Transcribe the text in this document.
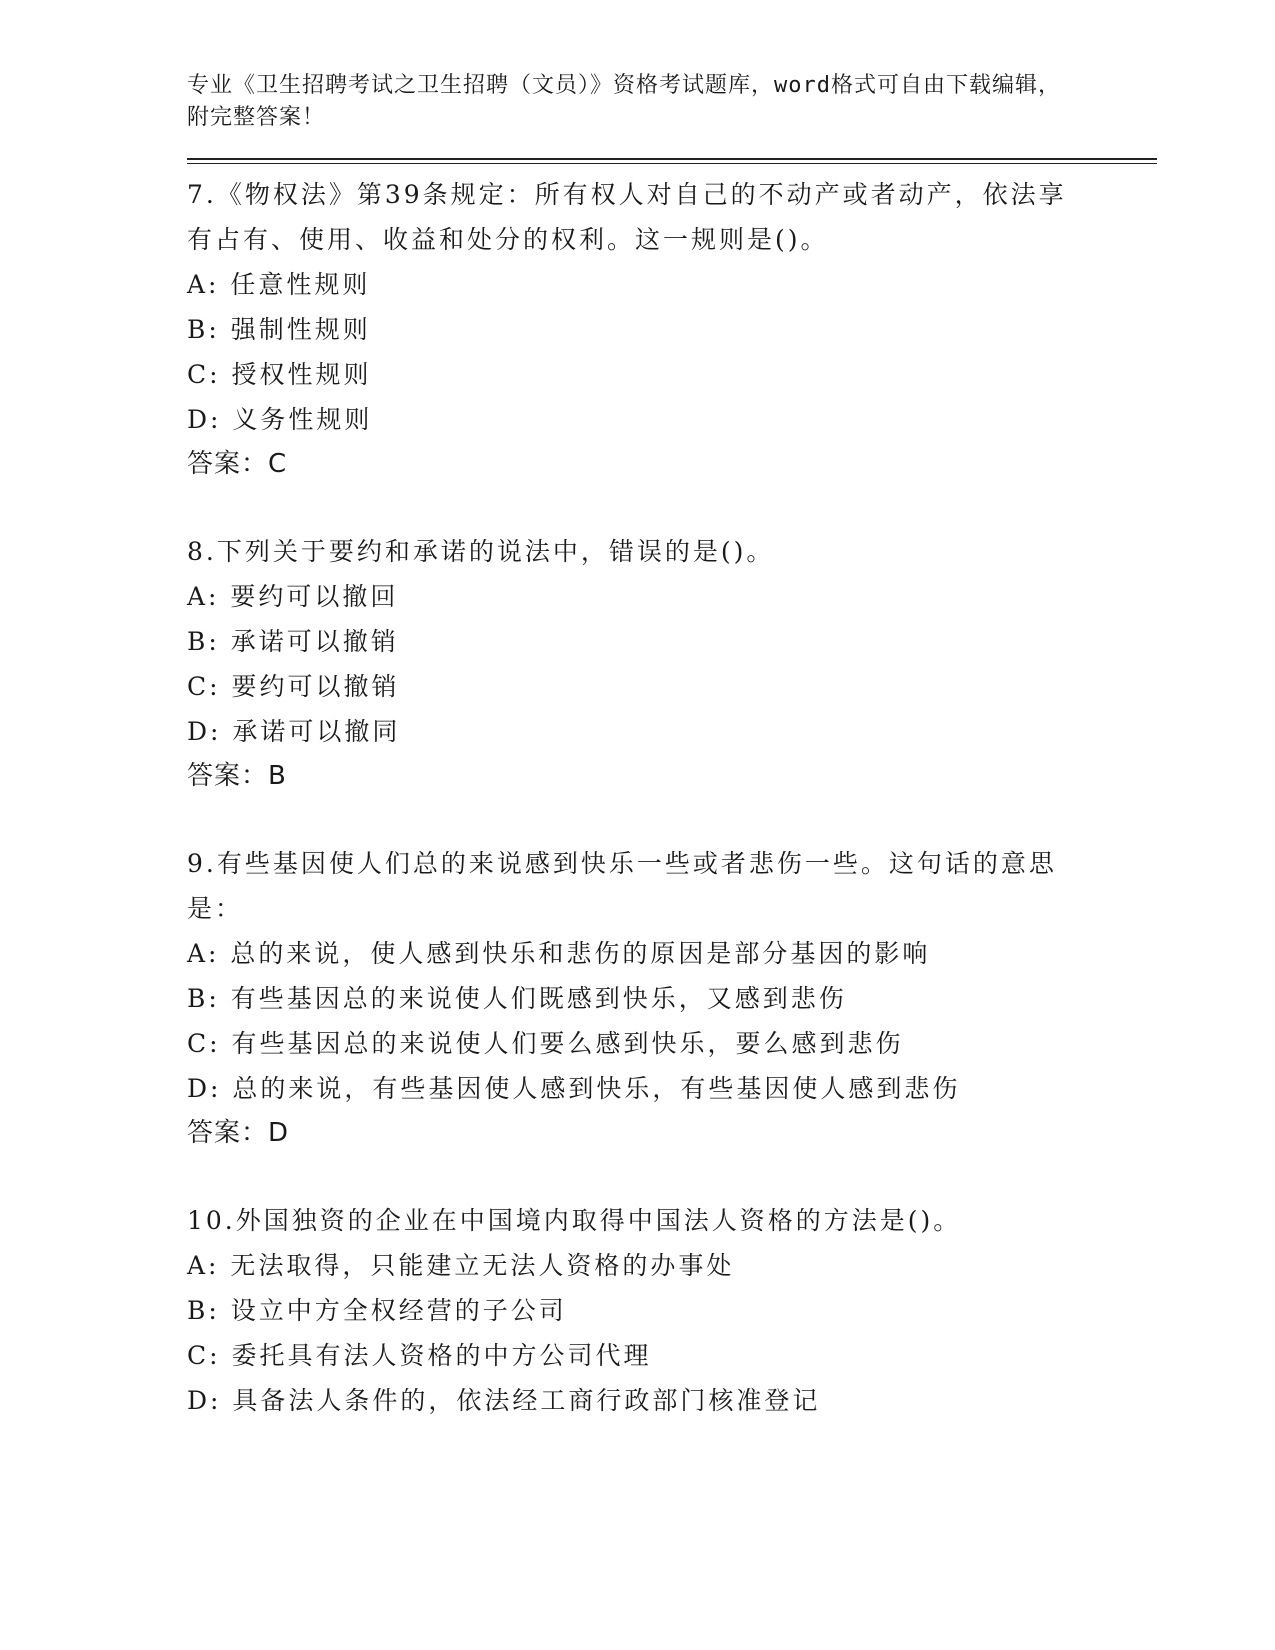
专业《卫生招聘考试之卫生招聘（文员）》资格考试题库，word格式可自由下载编辑，附完整答案！

7.《物权法》第39条规定：所有权人对自己的不动产或者动产，依法享有占有、使用、收益和处分的权利。这一规则是()。

A: 任意性规则

B: 强制性规则

C: 授权性规则

D: 义务性规则

答案：C

8.下列关于要约和承诺的说法中，错误的是()。

A: 要约可以撤回

B: 承诺可以撤销

C: 要约可以撤销

D: 承诺可以撤同

答案：B

9.有些基因使人们总的来说感到快乐一些或者悲伤一些。这句话的意思是：

A: 总的来说，使人感到快乐和悲伤的原因是部分基因的影响

B: 有些基因总的来说使人们既感到快乐，又感到悲伤

C: 有些基因总的来说使人们要么感到快乐，要么感到悲伤

D: 总的来说，有些基因使人感到快乐，有些基因使人感到悲伤

答案：D

10.外国独资的企业在中国境内取得中国法人资格的方法是()。

A: 无法取得，只能建立无法人资格的办事处

B: 设立中方全权经营的子公司

C: 委托具有法人资格的中方公司代理

D: 具备法人条件的，依法经工商行政部门核准登记
